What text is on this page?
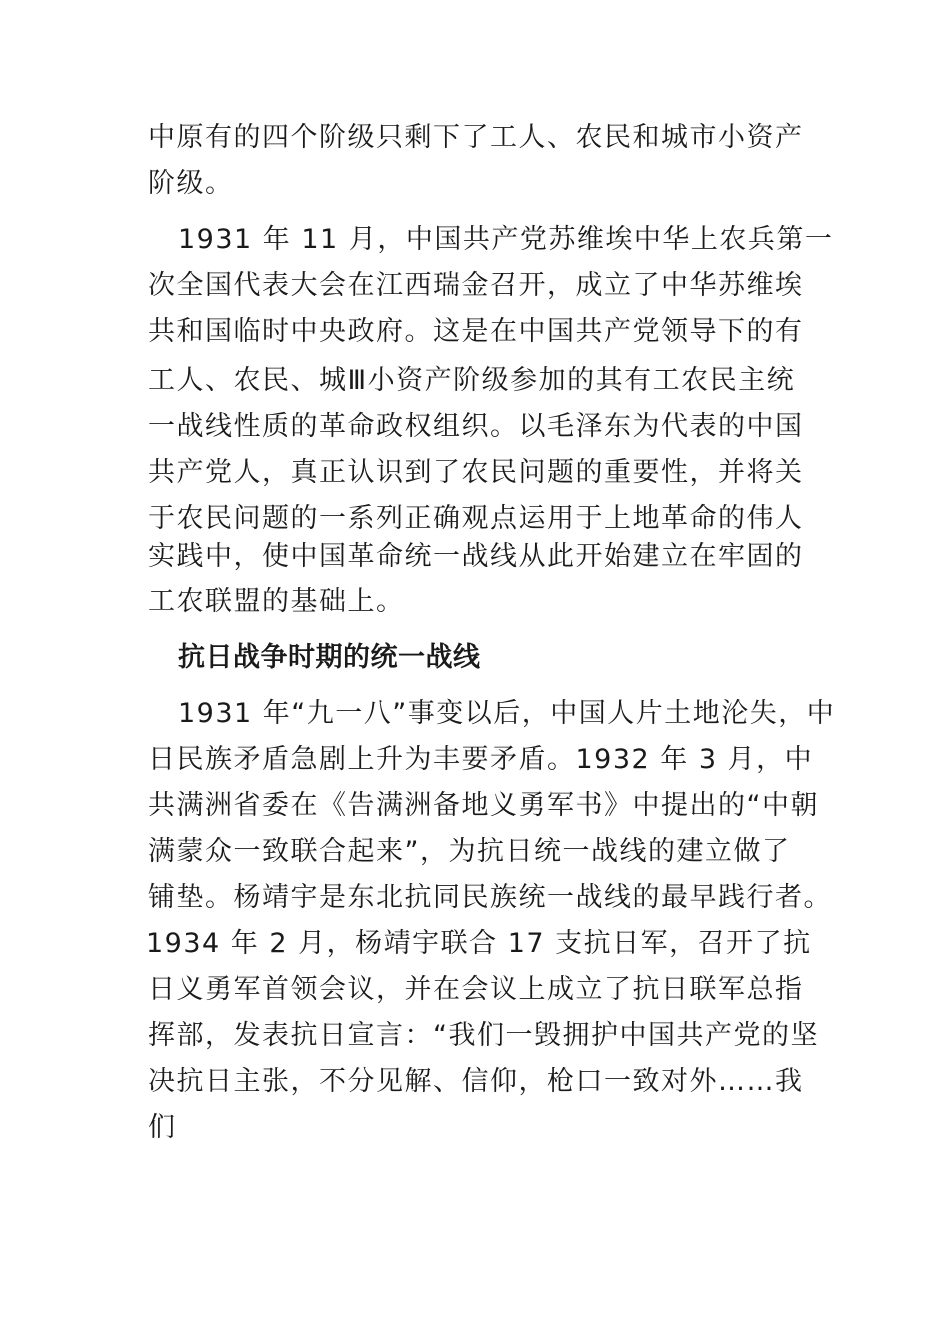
中原有的四个阶级只剩下了工人、农民和城市小资产
阶级。
1931 年 11 月，中国共产党苏维埃中华上农兵第一
次全国代表大会在江西瑞金召开，成立了中华苏维埃
共和国临时中央政府。这是在中国共产党领导下的有
工人、农民、城Ⅲ小资产阶级参加的其有工农民主统
一战线性质的革命政权组织。以毛泽东为代表的中国
共产党人，真正认识到了农民问题的重要性，并将关
于农民问题的一系列正确观点运用于上地革命的伟人
实践中，使中国革命统一战线从此开始建立在牢固的
工农联盟的基础上。
抗日战争时期的统一战线
1931 年“九一八”事变以后，中国人片土地沦失，中
日民族矛盾急剧上升为丰要矛盾。1932 年 3 月，中
共满洲省委在《告满洲备地义勇军书》中提出的“中朝
满蒙众一致联合起来”，为抗日统一战线的建立做了
铺垫。杨靖宇是东北抗同民族统一战线的最早践行者。
1934 年 2 月，杨靖宇联合 17 支抗日军，召开了抗
日义勇军首领会议，并在会议上成立了抗日联军总指
挥部，发表抗日宣言：“我们一毁拥护中国共产党的坚
决抗日主张，不分见解、信仰，枪口一致对外……我
们
